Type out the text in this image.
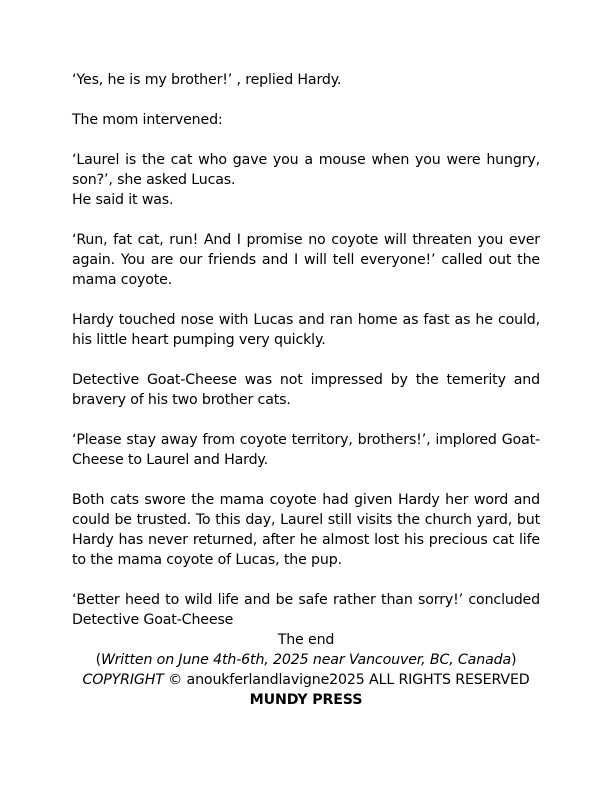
‘Yes, he is my brother!’ , replied Hardy.

The mom intervened:

‘Laurel is the cat who gave you a mouse when you were hungry, son?’, she asked Lucas.

He said it was.

‘Run, fat cat, run! And I promise no coyote will threaten you ever again. You are our friends and I will tell everyone!’ called out the mama coyote.

Hardy touched nose with Lucas and ran home as fast as he could, his little heart pumping very quickly.

Detective Goat-Cheese was not impressed by the temerity and bravery of his two brother cats.

‘Please stay away from coyote territory, brothers!’, implored Goat-Cheese to Laurel and Hardy.

Both cats swore the mama coyote had given Hardy her word and could be trusted. To this day, Laurel still visits the church yard, but Hardy has never returned, after he almost lost his precious cat life to the mama coyote of Lucas, the pup.

‘Better heed to wild life and be safe rather than sorry!’ concluded Detective Goat-Cheese

The end

(Written on June 4th-6th, 2025 near Vancouver, BC, Canada)

COPYRIGHT © anoukferlandlavigne2025 ALL RIGHTS RESERVED

MUNDY PRESS
